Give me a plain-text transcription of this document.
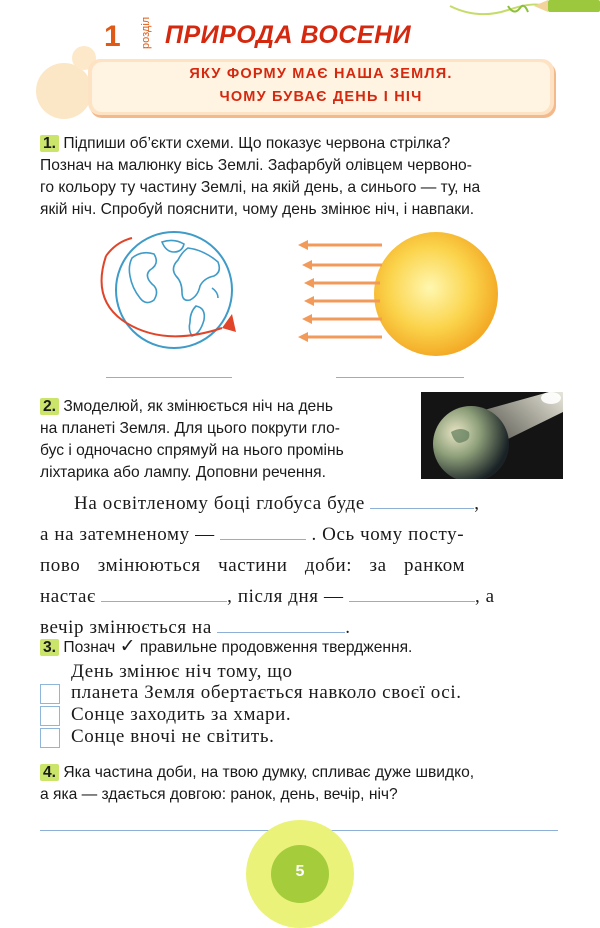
1 розділ ПРИРОДА ВОСЕНИ
ЯКУ ФОРМУ МАЄ НАША ЗЕМЛЯ.
ЧОМУ БУВАЄ ДЕНЬ І НІЧ
1. Підпиши об’єкти схеми. Що показує червона стрілка?
Познач на малюнку вісь Землі. Зафарбуй олівцем червоно-
го кольору ту частину Землі, на якій день, а синього — ту, на
якій ніч. Спробуй пояснити, чому день змінює ніч, і навпаки.
2. Змоделюй, як змінюється ніч на день
на планеті Земля. Для цього покрути гло-
бус і одночасно спрямуй на нього промінь
ліхтарика або лампу. Доповни речення.
На освітленому боці глобуса буде	,
а на затемненому —	. Ось чому посту-
пово змінюються частини доби: за ранком
настає	, після дня —	, а
вечір змінюється на	.
3. Познач ✓ правильне продовження твердження.
День змінює ніч тому, що
планета Земля обертається навколо своєї осі.
Сонце заходить за хмари.
Сонце вночі не світить.
4. Яка частина доби, на твою думку, спливає дуже швидко,
а яка — здається довгою: ранок, день, вечір, ніч?
5
